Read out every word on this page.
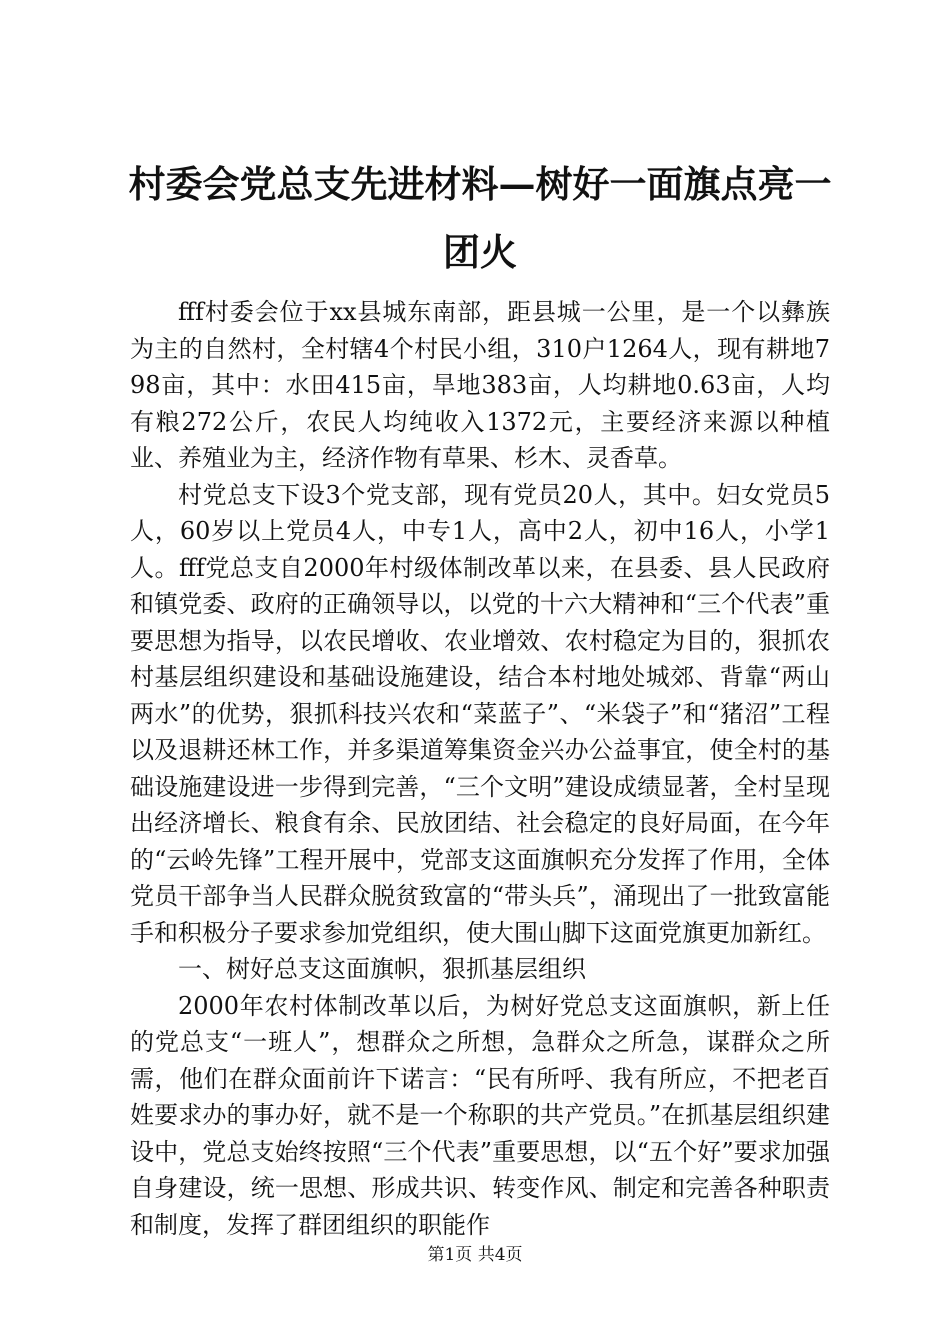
村委会党总支先进材料—树好一面旗点亮一团火

fff村委会位于xx县城东南部，距县城一公里，是一个以彝族为主的自然村，全村辖4个村民小组，310户1264人，现有耕地798亩，其中：水田415亩，旱地383亩，人均耕地0.63亩，人均有粮272公斤，农民人均纯收入1372元，主要经济来源以种植业、养殖业为主，经济作物有草果、杉木、灵香草。

村党总支下设3个党支部，现有党员20人，其中。妇女党员5人，60岁以上党员4人，中专1人，高中2人，初中16人，小学1人。fff党总支自2000年村级体制改革以来，在县委、县人民政府和镇党委、政府的正确领导以，以党的十六大精神和“三个代表”重要思想为指导，以农民增收、农业增效、农村稳定为目的，狠抓农村基层组织建设和基础设施建设，结合本村地处城郊、背靠“两山两水”的优势，狠抓科技兴农和“菜蓝子”、“米袋子”和“猪沼”工程以及退耕还林工作，并多渠道筹集资金兴办公益事宜，使全村的基础设施建设进一步得到完善，“三个文明”建设成绩显著，全村呈现出经济增长、粮食有余、民放团结、社会稳定的良好局面，在今年的“云岭先锋”工程开展中，党部支这面旗帜充分发挥了作用，全体党员干部争当人民群众脱贫致富的“带头兵”，涌现出了一批致富能手和积极分子要求参加党组织，使大围山脚下这面党旗更加新红。

一、树好总支这面旗帜，狠抓基层组织

2000年农村体制改革以后，为树好党总支这面旗帜，新上任的党总支“一班人”，想群众之所想，急群众之所急，谋群众之所需，他们在群众面前许下诺言：“民有所呼、我有所应，不把老百姓要求办的事办好，就不是一个称职的共产党员。”在抓基层组织建设中，党总支始终按照“三个代表”重要思想，以“五个好”要求加强自身建设，统一思想、形成共识、转变作风、制定和完善各种职责和制度，发挥了群团组织的职能作

第1页 共4页
